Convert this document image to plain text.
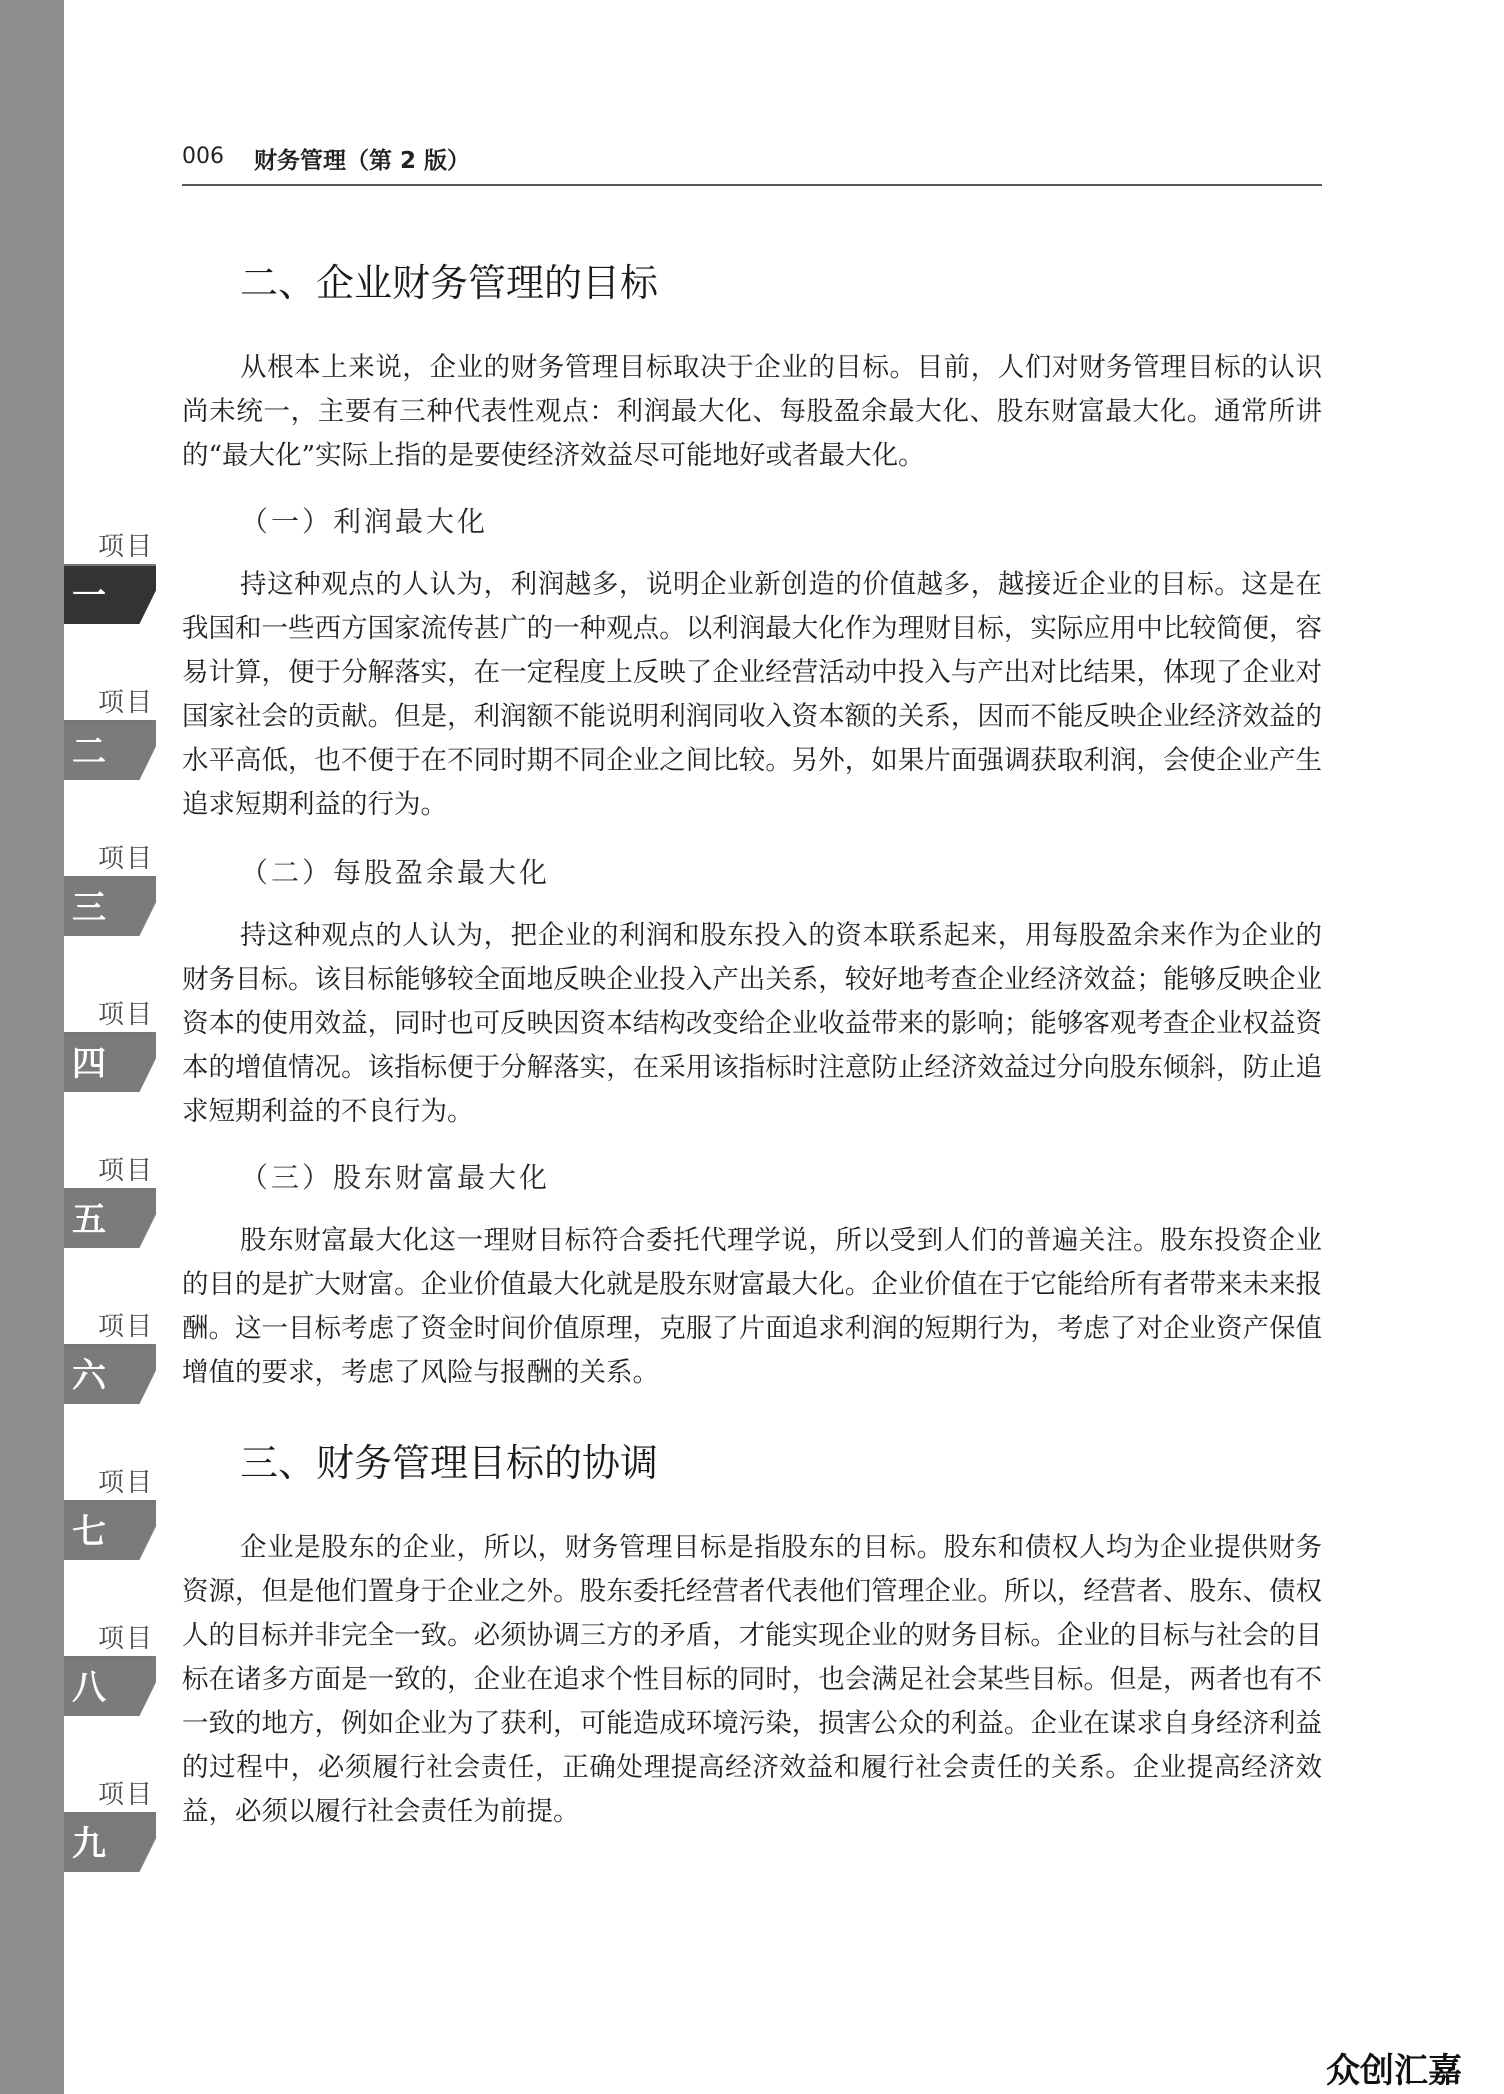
项目

一

项目

二

项目

三

项目

四

项目

五

项目

六

项目

七

项目

八

项目

九

006 财务管理（第 2 版）

二、企业财务管理的目标

从根本上来说，企业的财务管理目标取决于企业的目标。目前，人们对财务管理目标的认识尚未统一，主要有三种代表性观点：利润最大化、每股盈余最大化、股东财富最大化。通常所讲的“最大化”实际上指的是要使经济效益尽可能地好或者最大化。

（一）利润最大化

持这种观点的人认为，利润越多，说明企业新创造的价值越多，越接近企业的目标。这是在我国和一些西方国家流传甚广的一种观点。以利润最大化作为理财目标，实际应用中比较简便，容易计算，便于分解落实，在一定程度上反映了企业经营活动中投入与产出对比结果，体现了企业对国家社会的贡献。但是，利润额不能说明利润同收入资本额的关系，因而不能反映企业经济效益的水平高低，也不便于在不同时期不同企业之间比较。另外，如果片面强调获取利润，会使企业产生追求短期利益的行为。

（二）每股盈余最大化

持这种观点的人认为，把企业的利润和股东投入的资本联系起来，用每股盈余来作为企业的财务目标。该目标能够较全面地反映企业投入产出关系，较好地考查企业经济效益；能够反映企业资本的使用效益，同时也可反映因资本结构改变给企业收益带来的影响；能够客观考查企业权益资本的增值情况。该指标便于分解落实，在采用该指标时注意防止经济效益过分向股东倾斜，防止追求短期利益的不良行为。

（三）股东财富最大化

股东财富最大化这一理财目标符合委托代理学说，所以受到人们的普遍关注。股东投资企业的目的是扩大财富。企业价值最大化就是股东财富最大化。企业价值在于它能给所有者带来未来报酬。这一目标考虑了资金时间价值原理，克服了片面追求利润的短期行为，考虑了对企业资产保值增值的要求，考虑了风险与报酬的关系。

三、财务管理目标的协调

企业是股东的企业，所以，财务管理目标是指股东的目标。股东和债权人均为企业提供财务资源，但是他们置身于企业之外。股东委托经营者代表他们管理企业。所以，经营者、股东、债权人的目标并非完全一致。必须协调三方的矛盾，才能实现企业的财务目标。企业的目标与社会的目标在诸多方面是一致的，企业在追求个性目标的同时，也会满足社会某些目标。但是，两者也有不一致的地方，例如企业为了获利，可能造成环境污染，损害公众的利益。企业在谋求自身经济利益的过程中，必须履行社会责任，正确处理提高经济效益和履行社会责任的关系。企业提高经济效益，必须以履行社会责任为前提。

众创汇嘉
